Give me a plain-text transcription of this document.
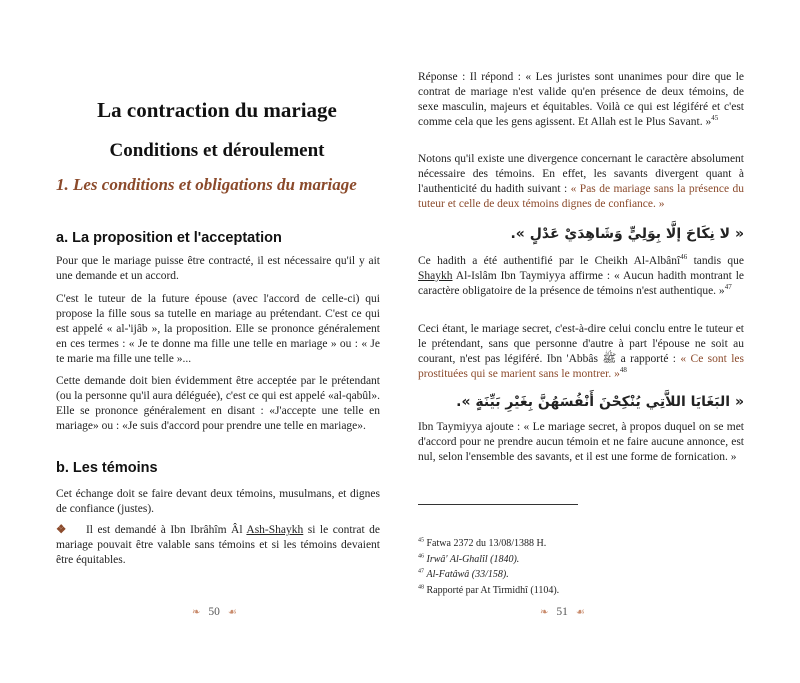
La contraction du mariage
Conditions et déroulement
1. Les conditions et obligations du mariage
a. La proposition et l'acceptation

Pour que le mariage puisse être contracté, il est nécessaire qu'il y ait une demande et un accord.

C'est le tuteur de la future épouse (avec l'accord de celle-ci) qui propose la fille sous sa tutelle en mariage au prétendant. C'est ce qui est appelé « al-'ijâb », la proposition. Elle se prononce généralement en ces termes : « Je te donne ma fille une telle en mariage » ou : « Je te marie ma fille une telle »...

Cette demande doit bien évidemment être acceptée par le prétendant (ou la personne qu'il aura déléguée), c'est ce qui est appelé «al-qabûl». Elle se prononce généralement en disant : «J'accepte une telle en mariage» ou : «Je suis d'accord pour prendre une telle en mariage».

b. Les témoins

Cet échange doit se faire devant deux témoins, musulmans, et dignes de confiance (justes).

❖ Il est demandé à Ibn Ibrâhîm Âl Ash-Shaykh si le contrat de mariage pouvait être valable sans témoins et si les témoins devaient être équitables.

❧ 50 ☙

Réponse : Il répond : « Les juristes sont unanimes pour dire que le contrat de mariage n'est valide qu'en présence de deux témoins, de sexe masculin, majeurs et équitables. Voilà ce qui est légiféré et c'est comme cela que les gens agissent. Et Allah est le Plus Savant. »$^{45}$

Notons qu'il existe une divergence concernant le caractère absolument nécessaire des témoins. En effet, les savants divergent quant à l'authenticité du hadith suivant : « Pas de mariage sans la présence du tuteur et celle de deux témoins dignes de confiance. »

« لا نِكَاحَ إلَّا بِوَلِيٍّ وَشَاهِدَيْ عَدْلٍ ».

Ce hadith a été authentifié par le Cheikh Al-Albânî$^{46}$ tandis que Shaykh Al-Islâm Ibn Taymiyya affirme : « Aucun hadith montrant le caractère obligatoire de la présence de témoins n'est authentique. »$^{47}$

Ceci étant, le mariage secret, c'est-à-dire celui conclu entre le tuteur et le prétendant, sans que personne d'autre à part l'épouse ne soit au courant, n'est pas légiféré. Ibn 'Abbâs ﷺ a rapporté : « Ce sont les prostituées qui se marient sans le montrer. »$^{48}$

« البَغَايَا اللاَّتِي يُنْكِحْنَ أَنْفُسَهُنَّ بِغَيْرِ بَيِّنَةٍ ».

Ibn Taymiyya ajoute : « Le mariage secret, à propos duquel on se met d'accord pour ne prendre aucun témoin et ne faire aucune annonce, est nul, selon l'ensemble des savants, et il est une forme de fornication. »

$^{45}$ Fatwa 2372 du 13/08/1388 H.

$^{46}$ Irwâ' Al-Ghalîl (1840).

$^{47}$ Al-Fatâwâ (33/158).

$^{48}$ Rapporté par At Tirmidhî (1104).

❧ 51 ☙
